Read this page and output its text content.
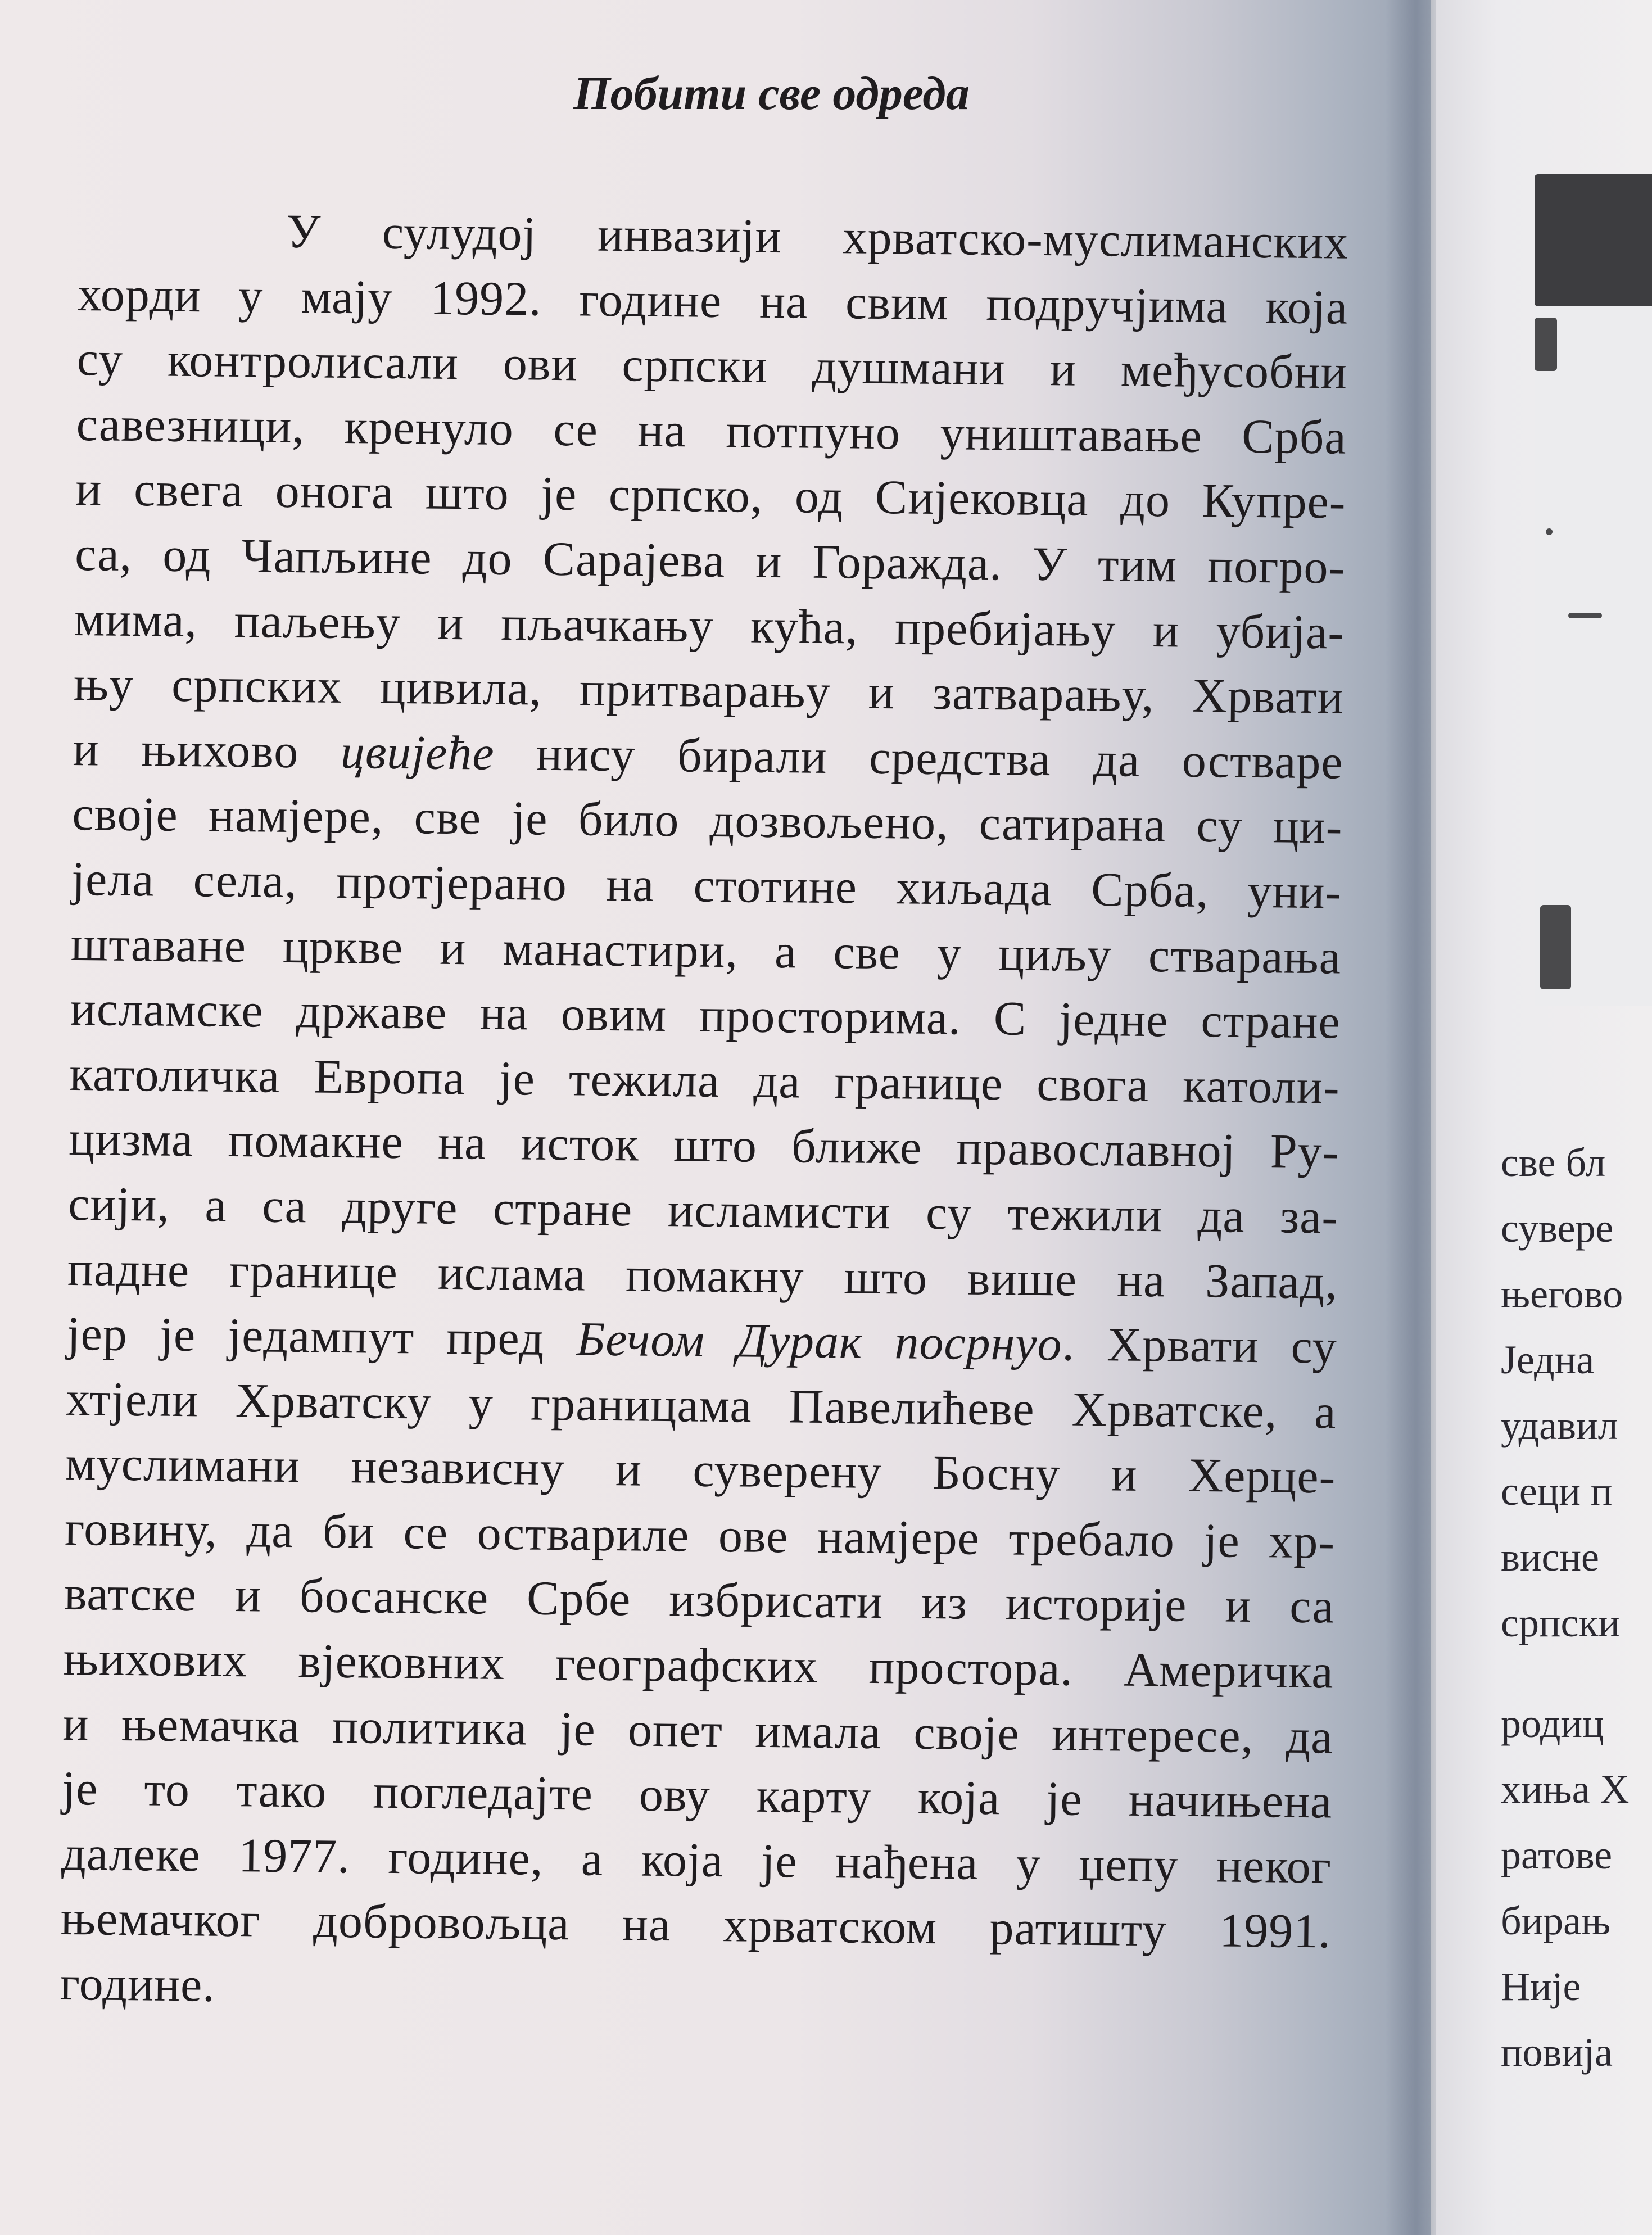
Побити све одреда
У сулудој инвазији хрватско-муслиманских
хорди у мају 1992. године на свим подручјима која
су контролисали ови српски душмани и међусобни
савезници, кренуло се на потпуно уништавање Срба
и свега онога што је српско, од Сијековца до Купре-
са, од Чапљине до Сарајева и Горажда. У тим погро-
мима, паљењу и пљачкању кућа, пребијању и убија-
њу српских цивила, притварању и затварању, Хрвати
и њихово цвијеће нису бирали средства да остваре
своје намјере, све је било дозвољено, сатирана су ци-
јела села, протјерано на стотине хиљада Срба, уни-
штаване цркве и манастири, а све у циљу стварања
исламске државе на овим просторима. С једне стране
католичка Европа је тежила да границе свога католи-
цизма помакне на исток што ближе православној Ру-
сији, а са друге стране исламисти су тежили да за-
падне границе ислама помакну што више на Запад,
јер је једампут пред Бечом Дурак посрнуо. Хрвати су
хтјели Хрватску у границама Павелићеве Хрватске, а
муслимани независну и суверену Босну и Херце-
говину, да би се оствариле ове намјере требало је хр-
ватске и босанске Србе избрисати из историје и са
њихових вјековних географских простора. Америчка
и њемачка политика је опет имала своје интересе, да
је то тако погледајте ову карту која је начињена
далеке 1977. године, а која је нађена у џепу неког
њемачког добровољца на хрватском ратишту 1991.
године.
све бл
сувере
његово
Једна
удавил
сеци п
висне
српски
родиц
хиња Х
ратове
бирањ
Није
повија
